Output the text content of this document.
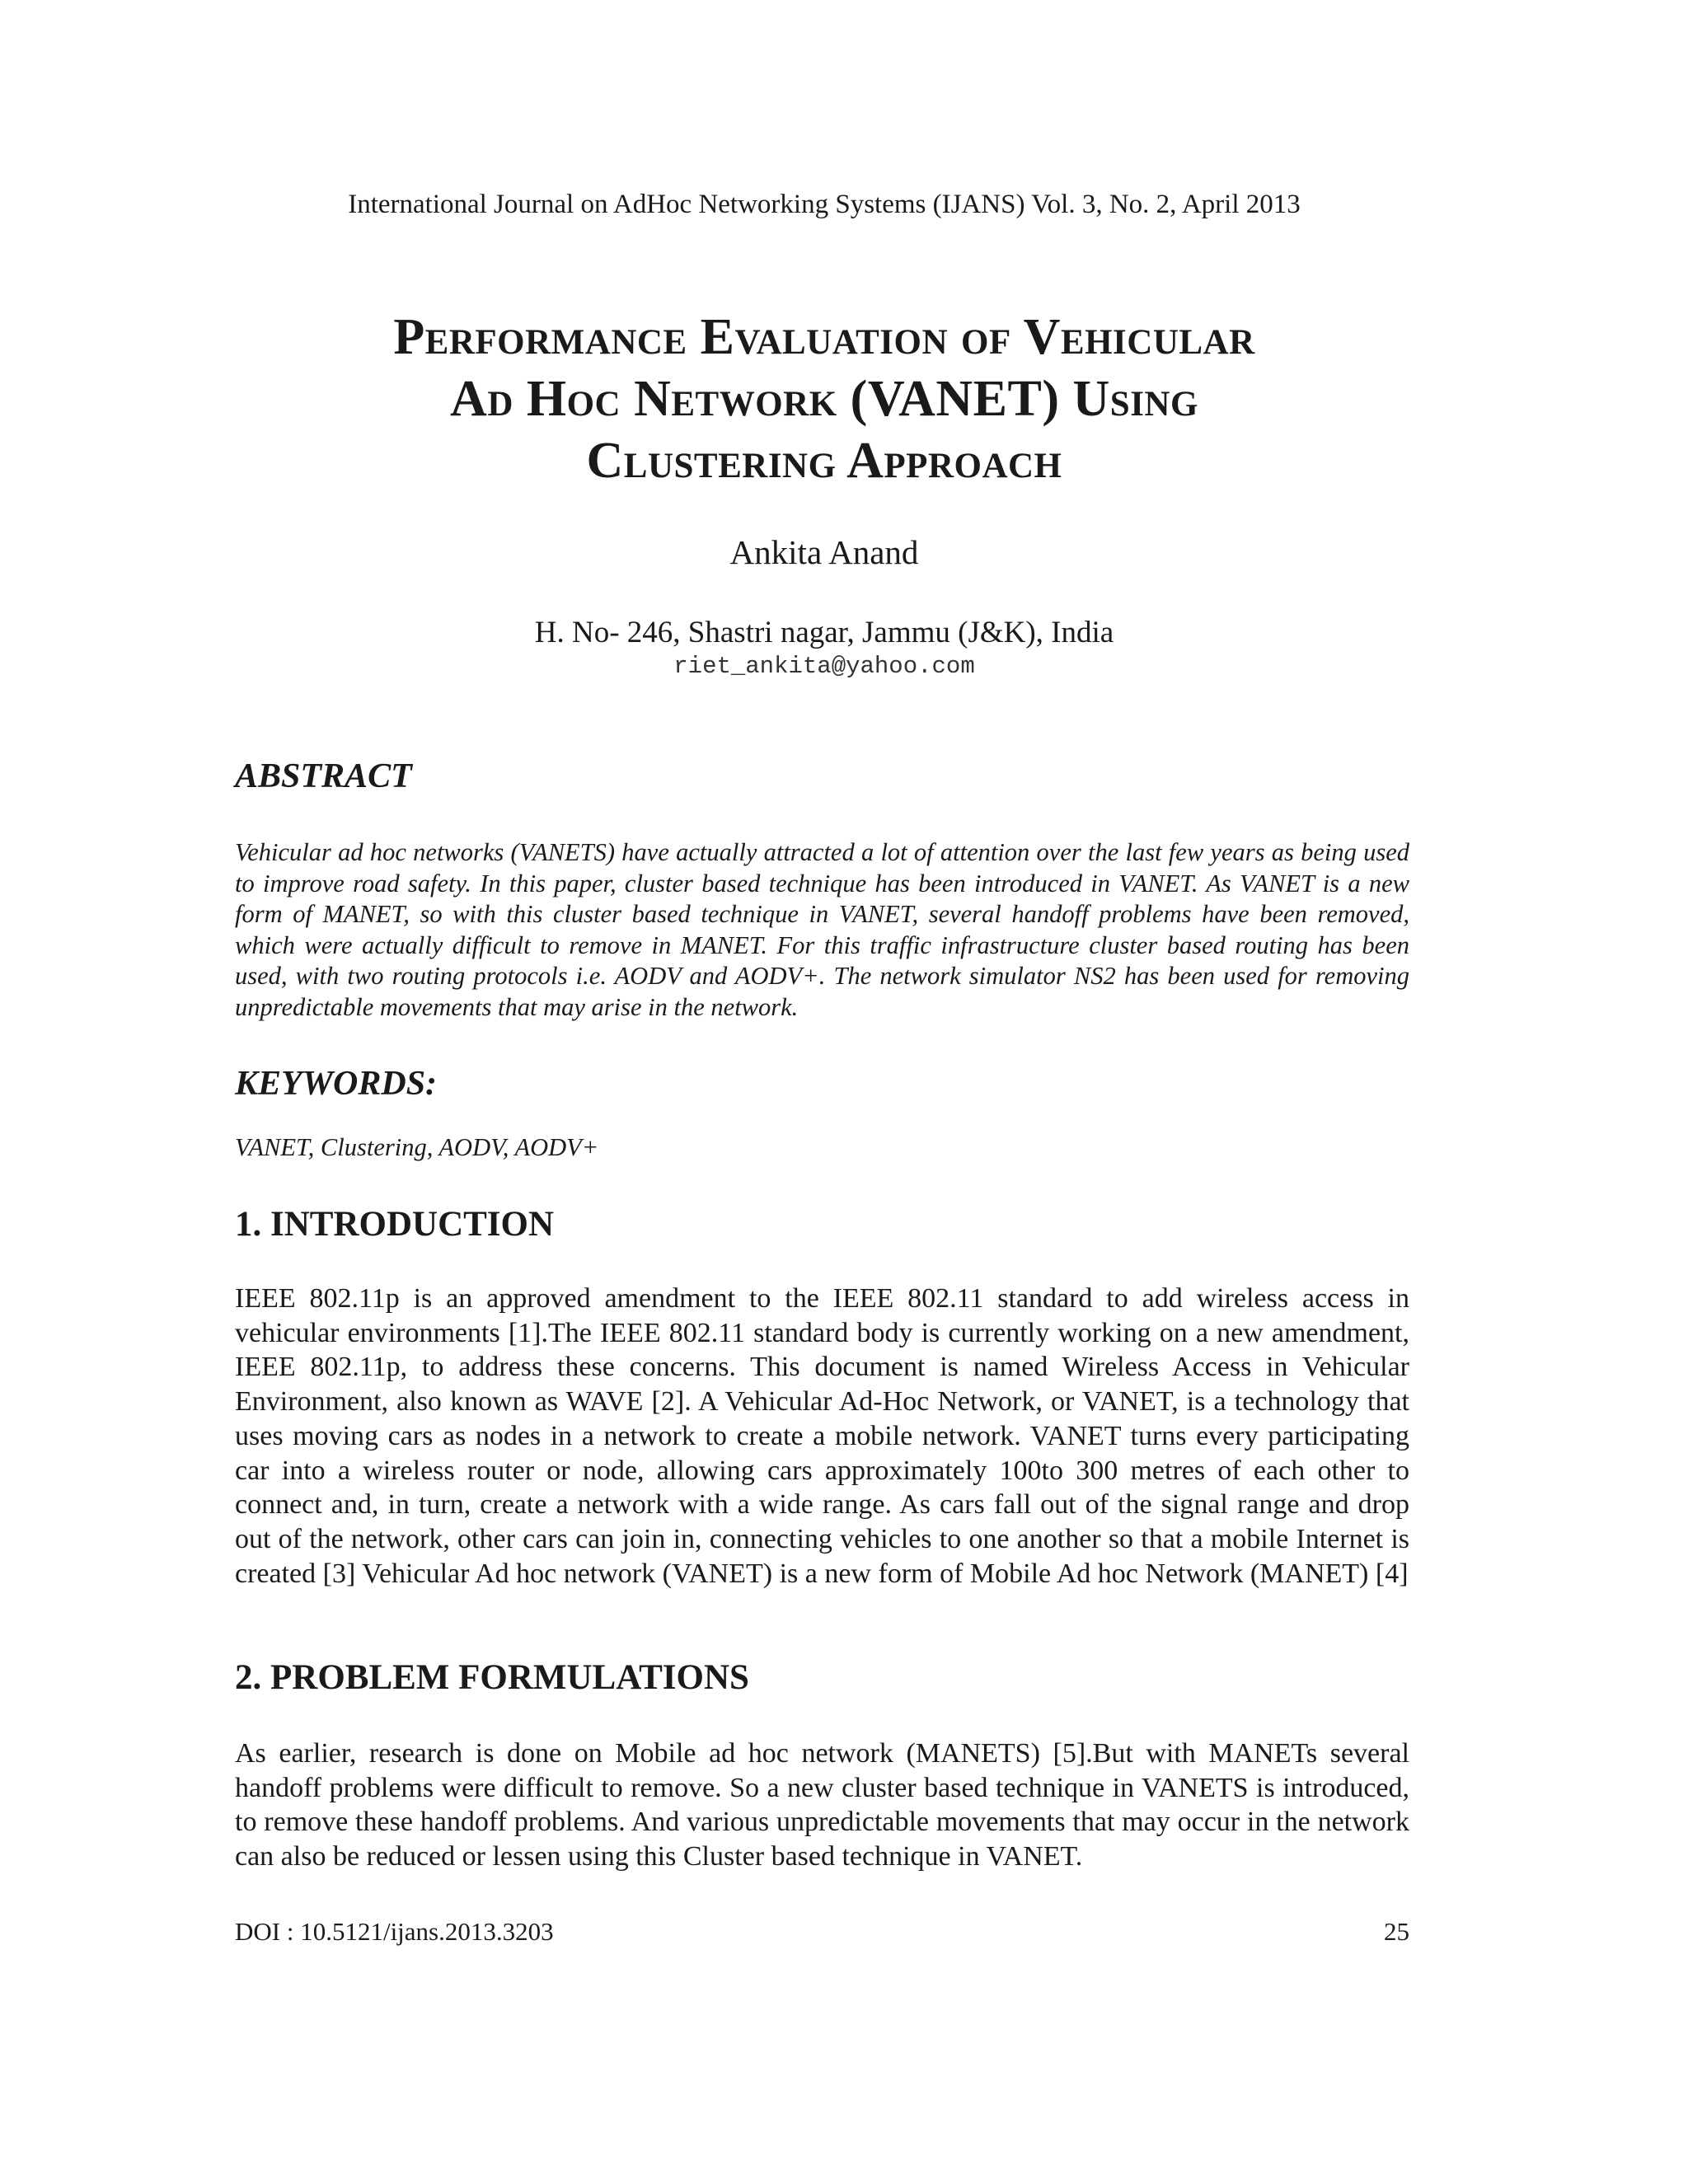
International Journal on AdHoc Networking Systems (IJANS) Vol. 3, No. 2, April 2013
Performance Evaluation of Vehicular
Ad Hoc Network (VANET) Using
Clustering Approach
Ankita Anand
H. No- 246, Shastri nagar, Jammu (J&K), India
riet_ankita@yahoo.com
ABSTRACT
Vehicular ad hoc networks (VANETS) have actually attracted a lot of attention over the last few years as being used to improve road safety. In this paper, cluster based technique has been introduced in VANET. As VANET is a new form of MANET, so with this cluster based technique in VANET, several handoff problems have been removed, which were actually difficult to remove in MANET. For this traffic infrastructure cluster based routing has been used, with two routing protocols i.e. AODV and AODV+. The network simulator NS2 has been used for removing unpredictable movements that may arise in the network.
KEYWORDS:
VANET, Clustering, AODV, AODV+
1. INTRODUCTION
IEEE 802.11p is an approved amendment to the IEEE 802.11 standard to add wireless access in vehicular environments [1].The IEEE 802.11 standard body is currently working on a new amendment, IEEE 802.11p, to address these concerns. This document is named Wireless Access in Vehicular Environment, also known as WAVE [2]. A Vehicular Ad-Hoc Network, or VANET, is a technology that uses moving cars as nodes in a network to create a mobile network. VANET turns every participating car into a wireless router or node, allowing cars approximately 100to 300 metres of each other to connect and, in turn, create a network with a wide range. As cars fall out of the signal range and drop out of the network, other cars can join in, connecting vehicles to one another so that a mobile Internet is created [3] Vehicular Ad hoc network (VANET) is a new form of Mobile Ad hoc Network (MANET) [4]
2. PROBLEM FORMULATIONS
As earlier, research is done on Mobile ad hoc network (MANETS) [5].But with MANETs several handoff problems were difficult to remove. So a new cluster based technique in VANETS is introduced, to remove these handoff problems. And various unpredictable movements that may occur in the network can also be reduced or lessen using this Cluster based technique in VANET.
DOI : 10.5121/ijans.2013.3203	25
